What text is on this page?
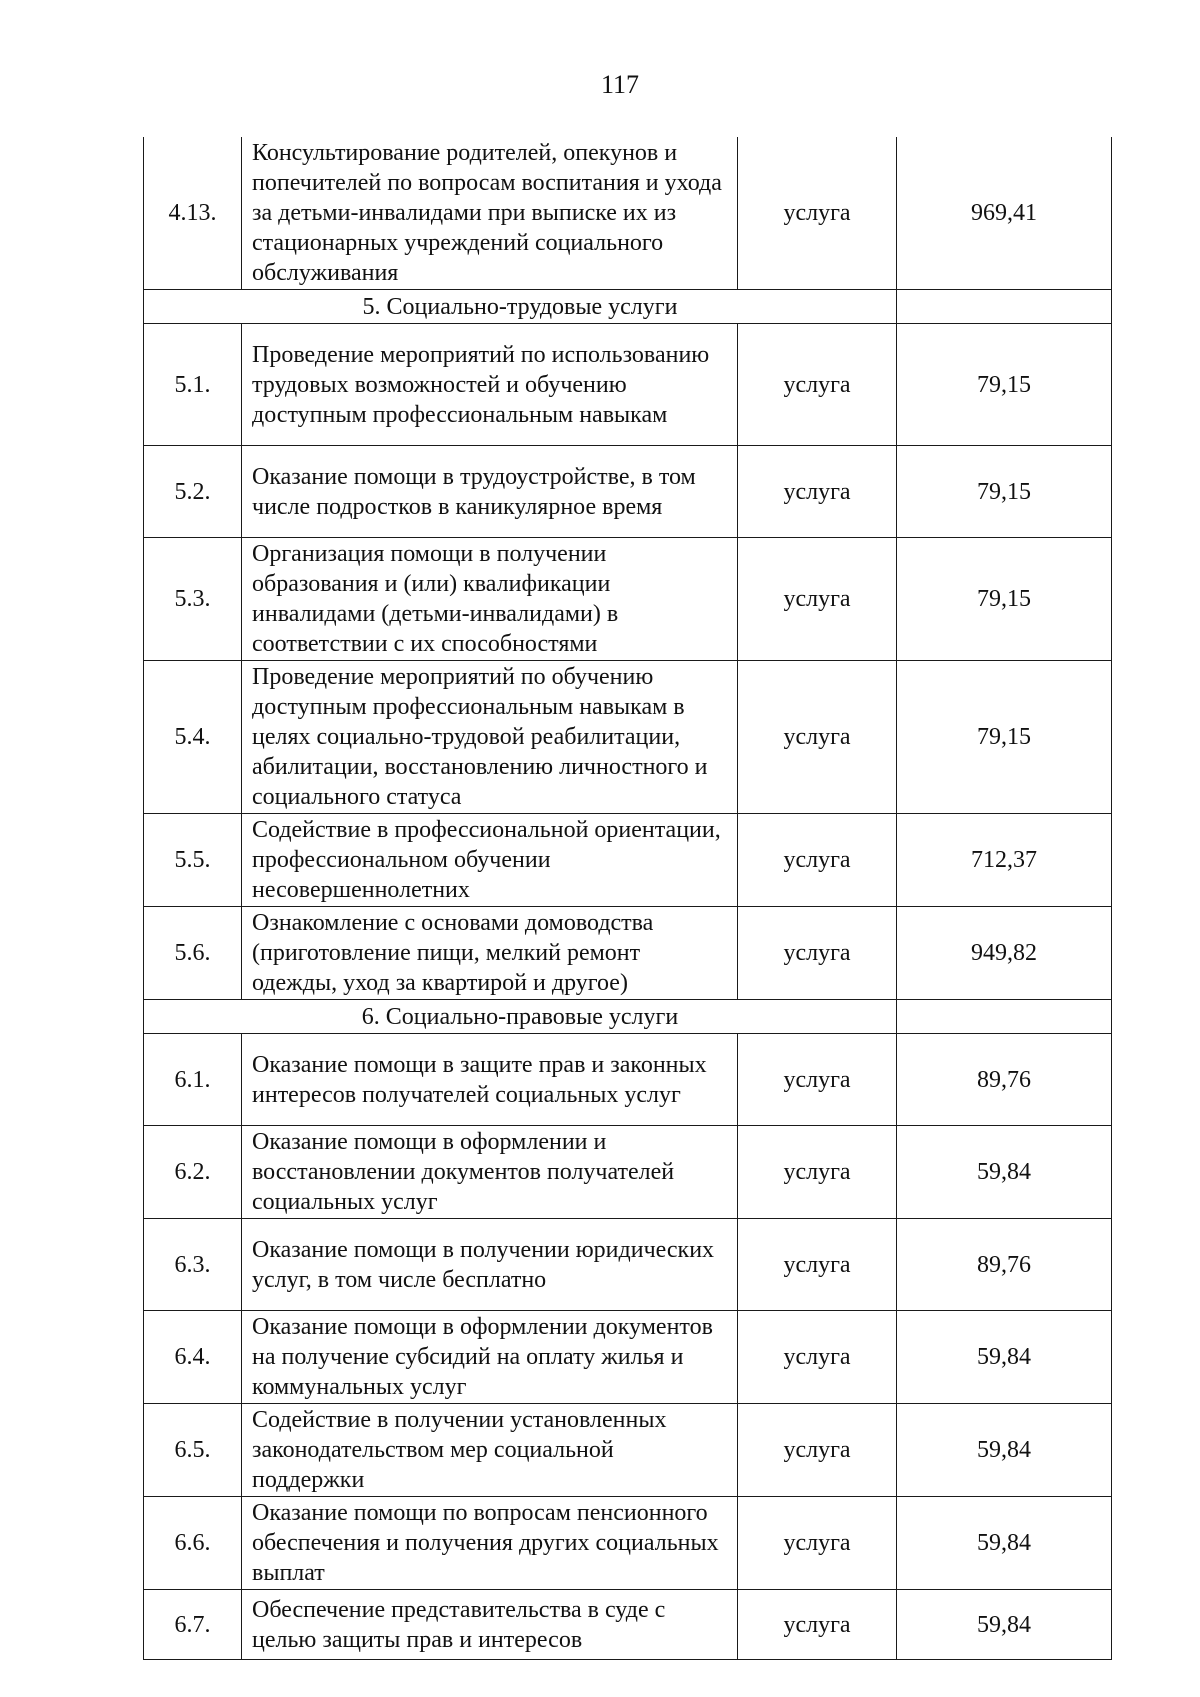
117
4.13.	Консультирование родителей, опекунов и попечителей по вопросам воспитания и ухода за детьми-инвалидами при выписке их из стационарных учреждений социального обслуживания	услуга	969,41
5. Социально-трудовые услуги			
5.1.	Проведение мероприятий по использованию трудовых возможностей и обучению доступным профессиональным навыкам	услуга	79,15
5.2.	Оказание помощи в трудоустройстве, в том числе подростков в каникулярное время	услуга	79,15
5.3.	Организация помощи в получении образования и (или) квалификации инвалидами (детьми-инвалидами) в соответствии с их способностями	услуга	79,15
5.4.	Проведение мероприятий по обучению доступным профессиональным навыкам в целях социально-трудовой реабилитации, абилитации, восстановлению личностного и социального статуса	услуга	79,15
5.5.	Содействие в профессиональной ориентации, профессиональном обучении несовершеннолетних	услуга	712,37
5.6.	Ознакомление с основами домоводства (приготовление пищи, мелкий ремонт одежды, уход за квартирой и другое)	услуга	949,82
6. Социально-правовые услуги			
6.1.	Оказание помощи в защите прав и законных интересов получателей социальных услуг	услуга	89,76
6.2.	Оказание помощи в оформлении и восстановлении документов получателей социальных услуг	услуга	59,84
6.3.	Оказание помощи в получении юридических услуг, в том числе бесплатно	услуга	89,76
6.4.	Оказание помощи в оформлении документов на получение субсидий на оплату жилья и коммунальных услуг	услуга	59,84
6.5.	Содействие в получении установленных законодательством мер социальной поддержки	услуга	59,84
6.6.	Оказание помощи по вопросам пенсионного обеспечения и получения других социальных выплат	услуга	59,84
6.7.	Обеспечение представительства в суде с целью защиты прав и интересов	услуга	59,84
